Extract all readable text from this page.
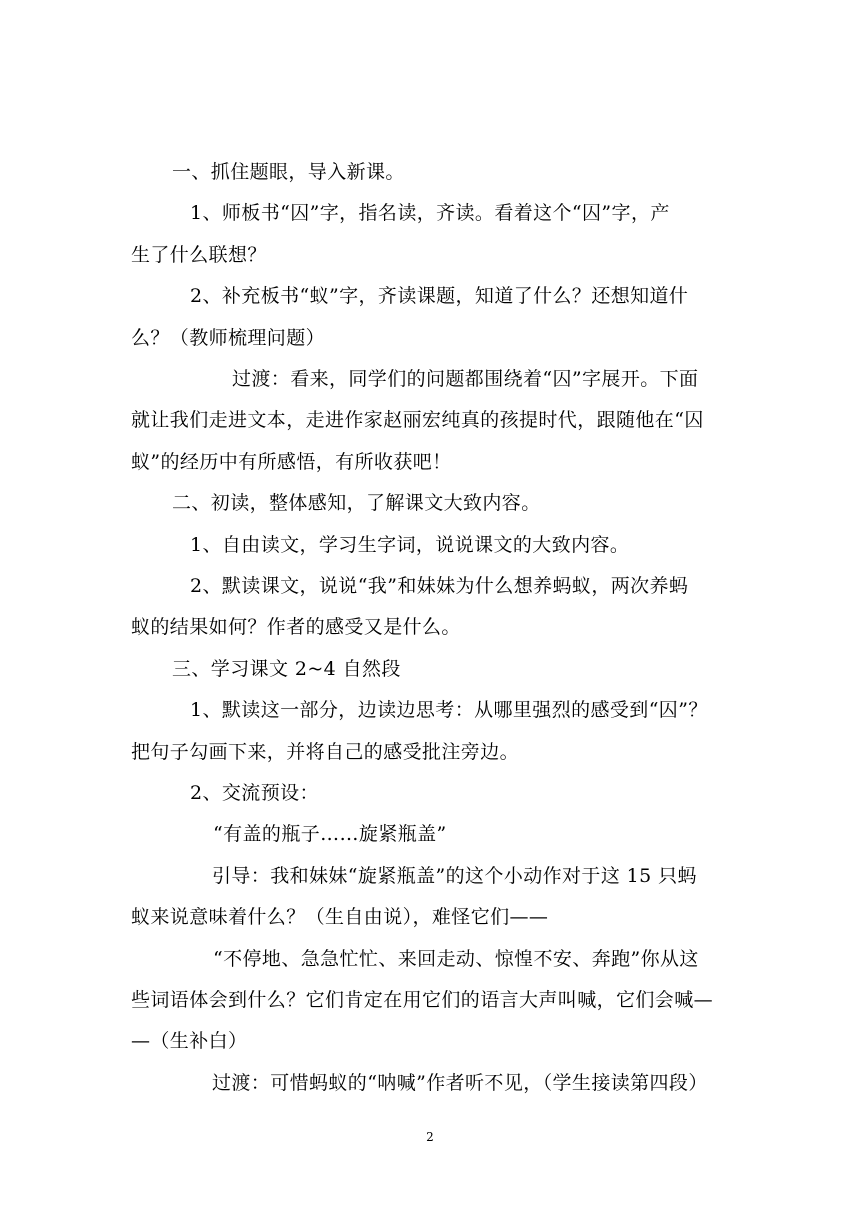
一、抓住题眼，导入新课。
1、师板书“囚”字，指名读，齐读。看着这个“囚”字，产
生了什么联想？
2、补充板书“蚁”字，齐读课题，知道了什么？还想知道什
么？（教师梳理问题）
过渡：看来，同学们的问题都围绕着“囚”字展开。下面
就让我们走进文本，走进作家赵丽宏纯真的孩提时代，跟随他在“囚
蚁”的经历中有所感悟，有所收获吧！
二、初读，整体感知，了解课文大致内容。
1、自由读文，学习生字词，说说课文的大致内容。
2、默读课文，说说“我”和妹妹为什么想养蚂蚁，两次养蚂
蚁的结果如何？作者的感受又是什么。
三、学习课文 2~4 自然段
1、默读这一部分，边读边思考：从哪里强烈的感受到“囚”？
把句子勾画下来，并将自己的感受批注旁边。
2、交流预设：
“有盖的瓶子……旋紧瓶盖”
引导：我和妹妹“旋紧瓶盖”的这个小动作对于这 15 只蚂
蚁来说意味着什么？（生自由说），难怪它们——
“不停地、急急忙忙、来回走动、惊惶不安、奔跑”你从这
些词语体会到什么？它们肯定在用它们的语言大声叫喊，它们会喊—
—（生补白）
过渡：可惜蚂蚁的“呐喊”作者听不见，（学生接读第四段）
2
